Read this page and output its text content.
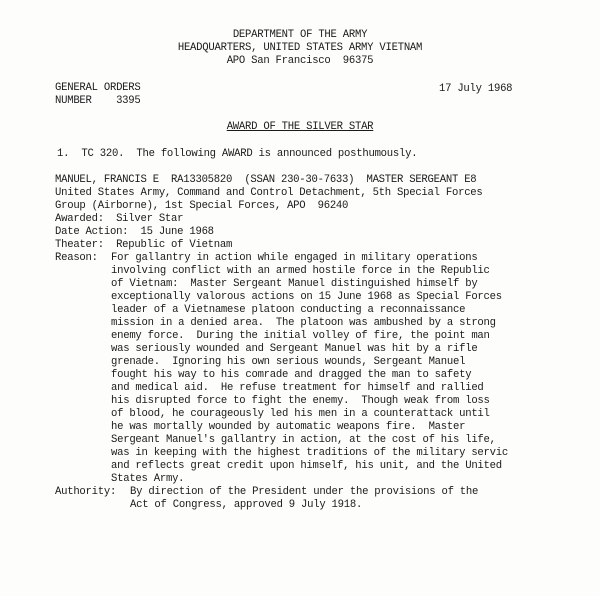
DEPARTMENT OF THE ARMY
HEADQUARTERS, UNITED STATES ARMY VIETNAM
APO San Francisco  96375
GENERAL ORDERS
NUMBER    3395
17 July 1968
AWARD OF THE SILVER STAR
1.  TC 320.  The following AWARD is announced posthumously.
MANUEL, FRANCIS E  RA13305820  (SSAN 230-30-7633)  MASTER SERGEANT E8
United States Army, Command and Control Detachment, 5th Special Forces
Group (Airborne), 1st Special Forces, APO  96240
Awarded:  Silver Star
Date Action:  15 June 1968
Theater:  Republic of Vietnam
Reason: For gallantry in action while engaged in military operations
involving conflict with an armed hostile force in the Republic
of Vietnam:  Master Sergeant Manuel distinguished himself by
exceptionally valorous actions on 15 June 1968 as Special Forces
leader of a Vietnamese platoon conducting a reconnaissance
mission in a denied area.  The platoon was ambushed by a strong
enemy force.  During the initial volley of fire, the point man
was seriously wounded and Sergeant Manuel was hit by a rifle
grenade.  Ignoring his own serious wounds, Sergeant Manuel
fought his way to his comrade and dragged the man to safety
and medical aid.  He refuse treatment for himself and rallied
his disrupted force to fight the enemy.  Though weak from loss
of blood, he courageously led his men in a counterattack until
he was mortally wounded by automatic weapons fire.  Master
Sergeant Manuel's gallantry in action, at the cost of his life,
was in keeping with the highest traditions of the military servic
and reflects great credit upon himself, his unit, and the United
States Army.
Authority: By direction of the President under the provisions of the
Act of Congress, approved 9 July 1918.
